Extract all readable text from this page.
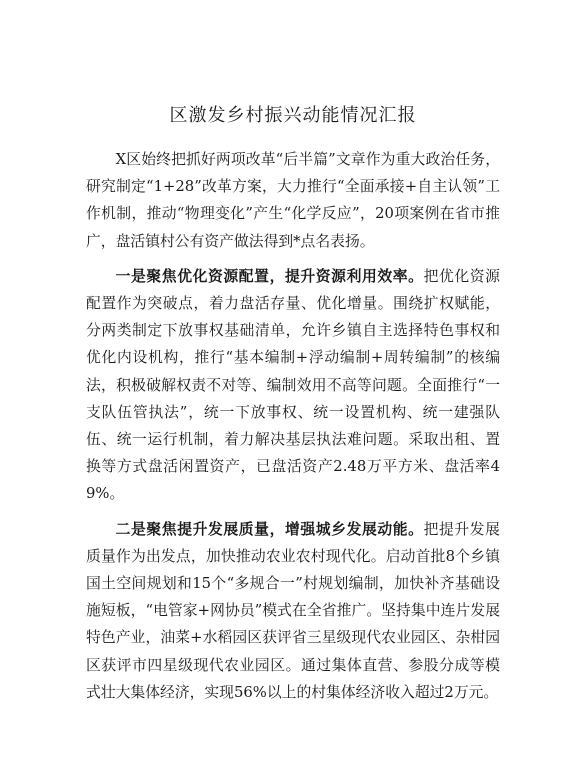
区激发乡村振兴动能情况汇报

X区始终把抓好两项改革“后半篇”文章作为重大政治任务，研究制定“1+28”改革方案，大力推行“全面承接+自主认领”工作机制，推动“物理变化”产生“化学反应”，20项案例在省市推广，盘活镇村公有资产做法得到*点名表扬。

一是聚焦优化资源配置，提升资源利用效率。把优化资源配置作为突破点，着力盘活存量、优化增量。围绕扩权赋能，分两类制定下放事权基础清单，允许乡镇自主选择特色事权和优化内设机构，推行“基本编制+浮动编制+周转编制”的核编法，积极破解权责不对等、编制效用不高等问题。全面推行“一支队伍管执法”，统一下放事权、统一设置机构、统一建强队伍、统一运行机制，着力解决基层执法难问题。采取出租、置换等方式盘活闲置资产，已盘活资产2.48万平方米、盘活率49%。

二是聚焦提升发展质量，增强城乡发展动能。把提升发展质量作为出发点，加快推动农业农村现代化。启动首批8个乡镇国土空间规划和15个“多规合一”村规划编制，加快补齐基础设施短板，“电管家+网协员”模式在全省推广。坚持集中连片发展特色产业，油菜+水稻园区获评省三星级现代农业园区、杂柑园区获评市四星级现代农业园区。通过集体直营、参股分成等模式壮大集体经济，实现56%以上的村集体经济收入超过2万元。
